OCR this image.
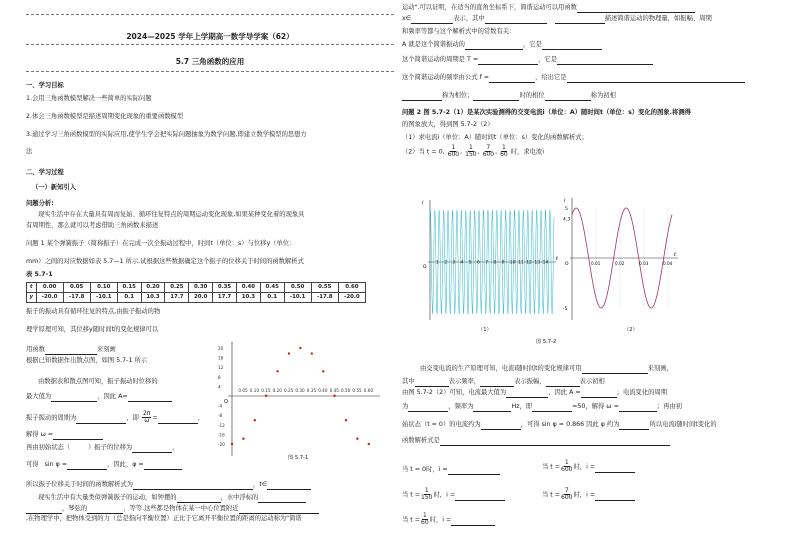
2024—2025 学年上学期高一数学导学案（62）
5.7 三角函数的应用
一、学习目标
1.会用三角函数模型解决一些简单的实际问题
2.体会三角函数模型是描述周期变化现象的重要函数模型
3.通过学习三角函数模型的实际应用,使学生学会把实际问题抽象为数学问题,即建立数学模型的思想方
法
二、学习过程
（一）新知引入
问题分析:
现实生活中存在大量具有周而复始、循环往复特点的周期运动变化现象,如果某种变化着的现象具
有周期性，那么就可以考虑借助三角函数来描述
问题 1 某个弹簧振子（简称振子）在完成一次全振动过程中，时间t（单位：s）与位移y（单位：
mm）之间的对应数据如表 5.7—1 所示.试根据这些数据确定这个振子的位移关于时间的函数解析式
表 5.7-1
t	0.00	0.05	0.10	0.15	0.20	0.25	0.30	0.35	0.40	0.45	0.50	0.55	0.60
y	-20.0	-17.8	-10.1	0.1	10.3	17.7	20.0	17.7	10.3	0.1	-10.1	-17.8	-20.0
振子的振动具有循环往复的特点,由振子振动的物
理学原理可知，其位移y随时间t的变化规律可以
用函数	来刻画
根据已知数据作出散点图，如图 5.7-1 所示
由数据表和散点图可知，振子振动时位移的
最大值为	，因此 A=
振子振动的周期为	，即 $\frac{2\pi}{\omega}$ =	，
解得 ω =
再由初始状态（	）振子的位移为	，
可得 sin φ =	，因此，φ =
所以振子位移关于时间的函数解析式为	，t∈
现实生活中有大量类似弹簧振子的运动，如钟摆的	，水中浮标的
，琴弦的	，等等.这些都是物体在某一中心位置附近
,在物理学中，把物体受到的力（总是指向平衡位置）正比于它离开平衡位置的距离的运动称为"简谐
O
20
16
12
8
4
-4
-8
-12
-16
-20
0.05 0.10 0.15 0.20 0.25 0.30 0.35 0.40 0.45 0.50 0.55 0.60
图 5.7-1
运动".可以证明，在适当的直角坐标系下，简谐运动可以用函数
x∈	表示，其中	描述简谐运动的物理量，如振幅、周期
和频率等都与这个解析式中的常数有关：
A 就是这个简谐振动的	，它是
这个简谐运动的周期是 T =	，它是
这个简谐运动的频率由公式 f =	，给出它是
称为相位；	时的相位	称为初相
问题 2 图 5.7-2（1）是某次实验测得的交变电流i（单位：A）随时间t（单位：s）变化的图象.将测得
的图象放大，得到图 5.7-2（2）
（1）求电流i（单位：A）随时间t（单位：s）变化的函数解析式；
（2）当 t = 0, $\frac{1}{600}$ , $\frac{1}{150}$ , $\frac{7}{600}$ , $\frac{1}{60}$ 时，求电流i
i
t
O
1 2 3 4 5 6 7 8 9 10 11 12 13 14
（1）
i
t
O
5
4.3
-5
0.01	0.02	0.03	0.04
（2）
图 5.7-2
由交变电流的生产原理可知，电流i随时间t的变化规律可用	来刻画，
其中	表示频率，	表示振幅，	表示初相
由图 5.7-2（2）可知，电流最大值为	，因此 A =	；电流变化的周期
为	，频率为	Hz，即	=50，解得 ω =	；再由初
始状态（t = 0）的电流约为	，可得 sin φ = 0.866 因此 φ 约为	所以电流i随时间t变化的
函数解析式是
当 t = 0时，i =	当 $t = \frac{1}{600}$ 时，i =
当 $t = \frac{1}{150}$ 时，i =	当 $t = \frac{7}{600}$ 时，i =
当 $t = \frac{1}{60}$ 时，i =
